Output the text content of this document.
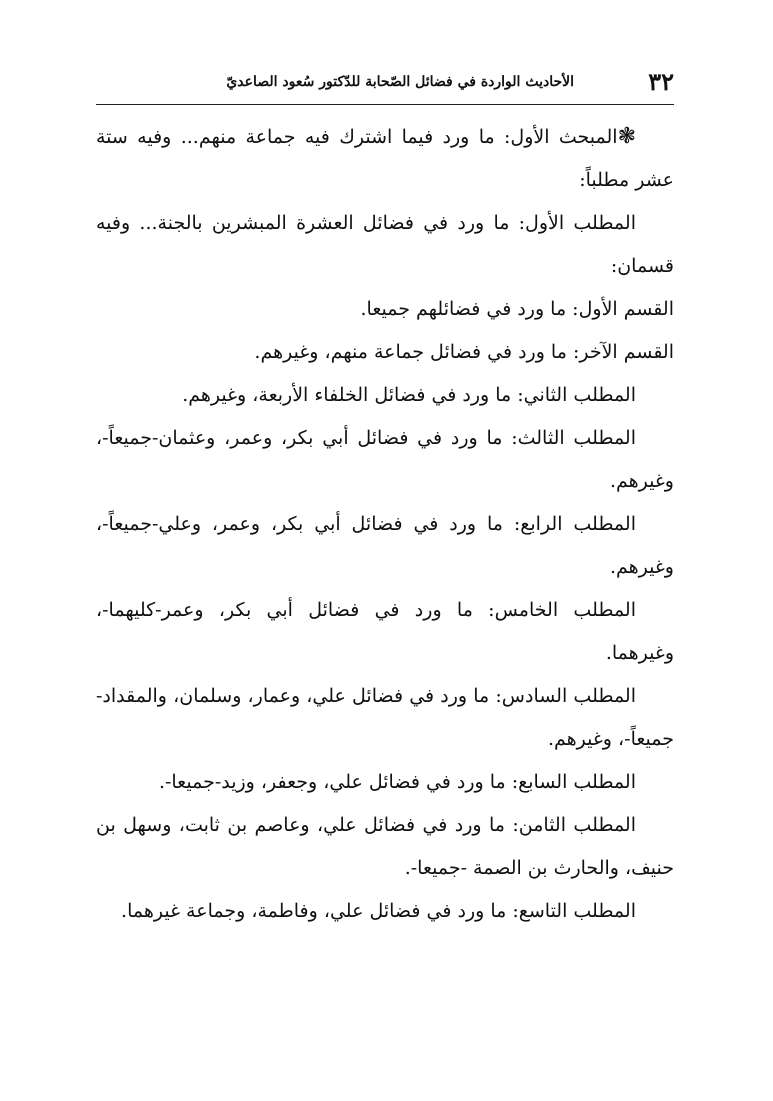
٣٢
الأحاديث الواردة في فضائل الصّحابة للدّكتور سُعود الصاعديّ

❃المبحث الأول: ما ورد فيما اشترك فيه جماعة منهم... وفيه ستة عشر مطلباً:

المطلب الأول: ما ورد في فضائل العشرة المبشرين بالجنة... وفيه قسمان:

القسم الأول: ما ورد في فضائلهم جميعا.

القسم الآخر: ما ورد في فضائل جماعة منهم، وغيرهم.

المطلب الثاني: ما ورد في فضائل الخلفاء الأربعة، وغيرهم.

المطلب الثالث: ما ورد في فضائل أبي بكر، وعمر، وعثمان-جميعاً-، وغيرهم.

المطلب الرابع: ما ورد في فضائل أبي بكر، وعمر، وعلي-جميعاً-، وغيرهم.

المطلب الخامس: ما ورد في فضائل أبي بكر، وعمر-كليهما-، وغيرهما.

المطلب السادس: ما ورد في فضائل علي، وعمار، وسلمان، والمقداد-جميعاً-، وغيرهم.

المطلب السابع: ما ورد في فضائل علي، وجعفر، وزيد-جميعا-.

المطلب الثامن: ما ورد في فضائل علي، وعاصم بن ثابت، وسهل بن حنيف، والحارث بن الصمة -جميعا-.

المطلب التاسع: ما ورد في فضائل علي، وفاطمة، وجماعة غيرهما.
